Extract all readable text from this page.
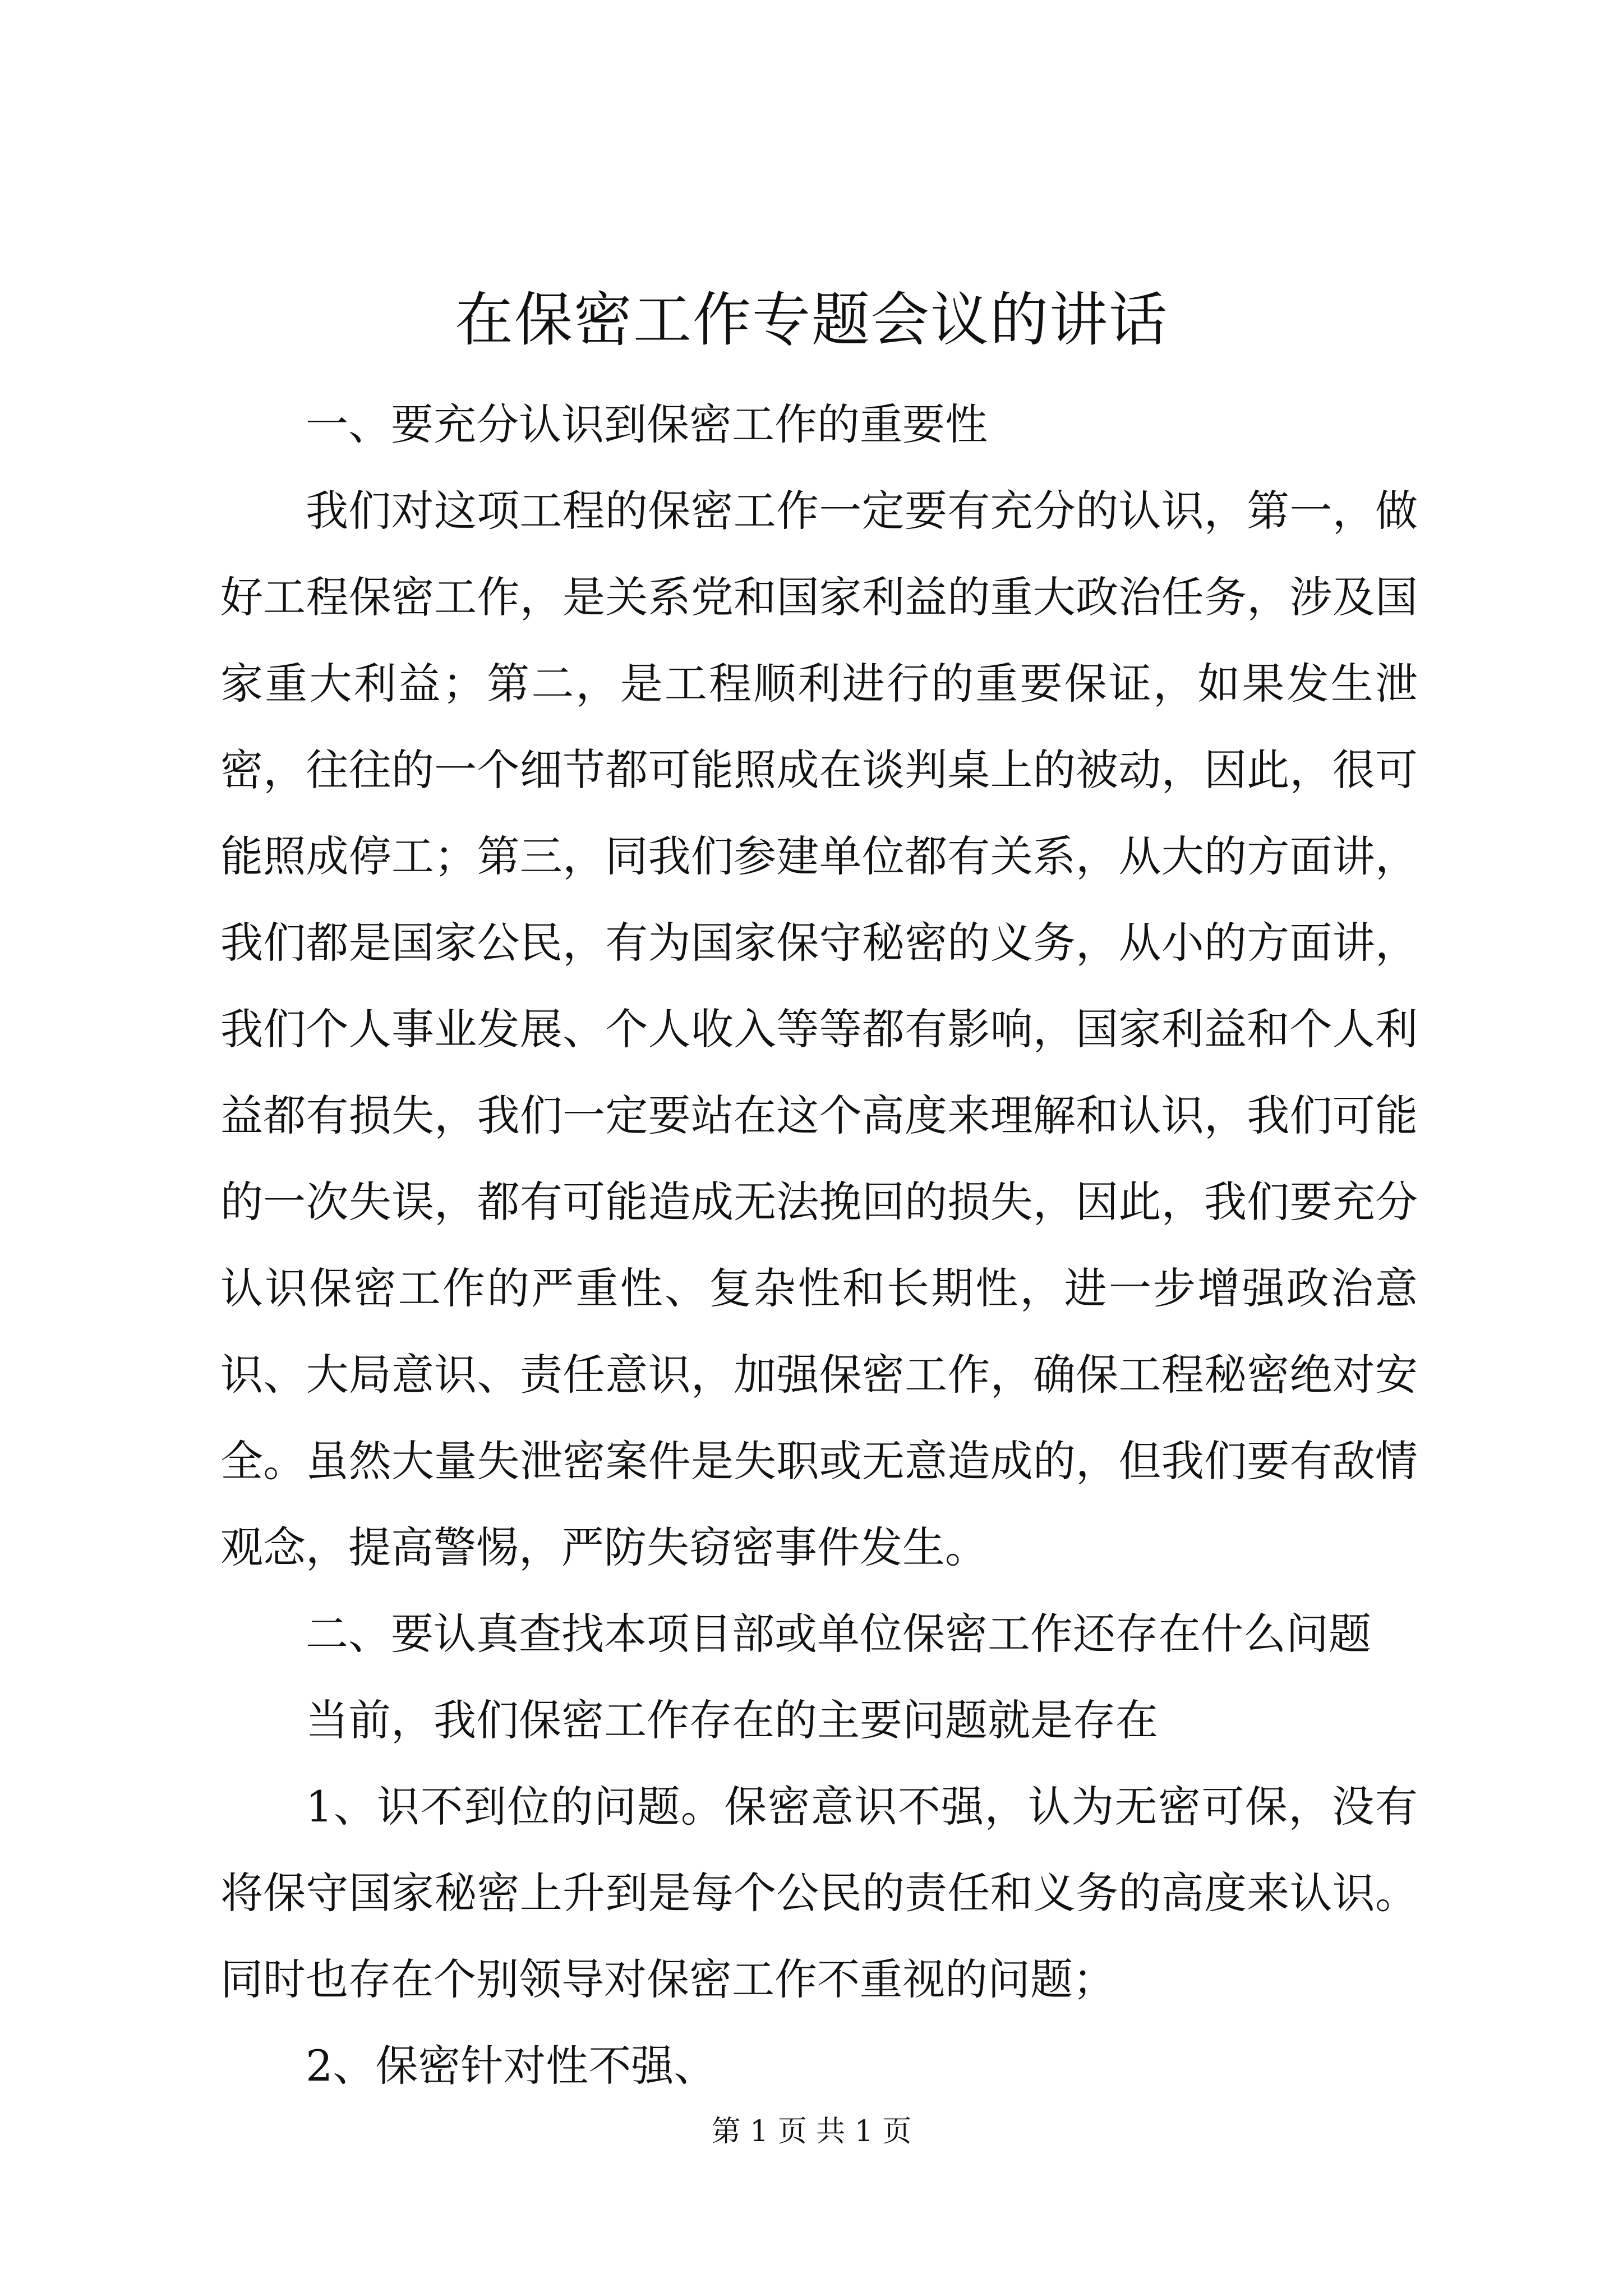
在保密工作专题会议的讲话

一、要充分认识到保密工作的重要性

我们对这项工程的保密工作一定要有充分的认识，第一，做好工程保密工作，是关系党和国家利益的重大政治任务，涉及国家重大利益；第二，是工程顺利进行的重要保证，如果发生泄密，往往的一个细节都可能照成在谈判桌上的被动，因此，很可能照成停工；第三，同我们参建单位都有关系，从大的方面讲，我们都是国家公民，有为国家保守秘密的义务，从小的方面讲，我们个人事业发展、个人收入等等都有影响，国家利益和个人利益都有损失，我们一定要站在这个高度来理解和认识，我们可能的一次失误，都有可能造成无法挽回的损失，因此，我们要充分认识保密工作的严重性、复杂性和长期性，进一步增强政治意识、大局意识、责任意识，加强保密工作，确保工程秘密绝对安全。虽然大量失泄密案件是失职或无意造成的，但我们要有敌情观念，提高警惕，严防失窃密事件发生。

二、要认真查找本项目部或单位保密工作还存在什么问题

当前，我们保密工作存在的主要问题就是存在

1、识不到位的问题。保密意识不强，认为无密可保，没有将保守国家秘密上升到是每个公民的责任和义务的高度来认识。同时也存在个别领导对保密工作不重视的问题；

2、保密针对性不强、

第 1 页 共 1 页
